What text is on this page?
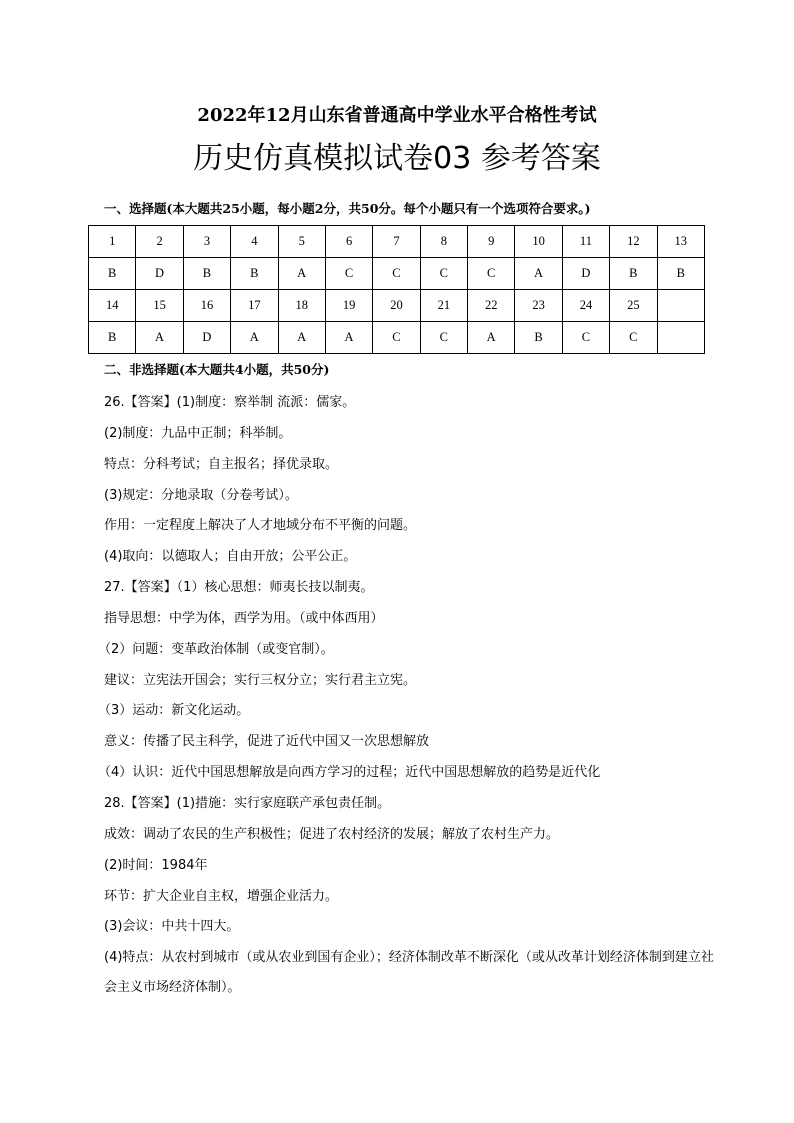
2022年12月山东省普通高中学业水平合格性考试
历史仿真模拟试卷03 参考答案
一、选择题(本大题共25小题，每小题2分，共50分。每个小题只有一个选项符合要求。)
1	2	3	4	5	6	7	8	9	10	11	12	13
B	D	B	B	A	C	C	C	C	A	D	B	B
14	15	16	17	18	19	20	21	22	23	24	25	
B	A	D	A	A	A	C	C	A	B	C	C	
二、非选择题(本大题共4小题，共50分)
26.【答案】(1)制度：察举制 流派：儒家。
(2)制度：九品中正制；科举制。
特点：分科考试；自主报名；择优录取。
(3)规定：分地录取（分卷考试）。
作用：一定程度上解决了人才地域分布不平衡的问题。
(4)取向：以德取人；自由开放；公平公正。
27.【答案】（1）核心思想：师夷长技以制夷。
指导思想：中学为体，西学为用。（或中体西用）
（2）问题：变革政治体制（或变官制）。
建议：立宪法开国会；实行三权分立；实行君主立宪。
（3）运动：新文化运动。
意义：传播了民主科学，促进了近代中国又一次思想解放
（4）认识：近代中国思想解放是向西方学习的过程；近代中国思想解放的趋势是近代化
28.【答案】(1)措施：实行家庭联产承包责任制。
成效：调动了农民的生产积极性；促进了农村经济的发展；解放了农村生产力。
(2)时间：1984年
环节：扩大企业自主权，增强企业活力。
(3)会议：中共十四大。
(4)特点：从农村到城市（或从农业到国有企业）；经济体制改革不断深化（或从改革计划经济体制到建立社
会主义市场经济体制）。
